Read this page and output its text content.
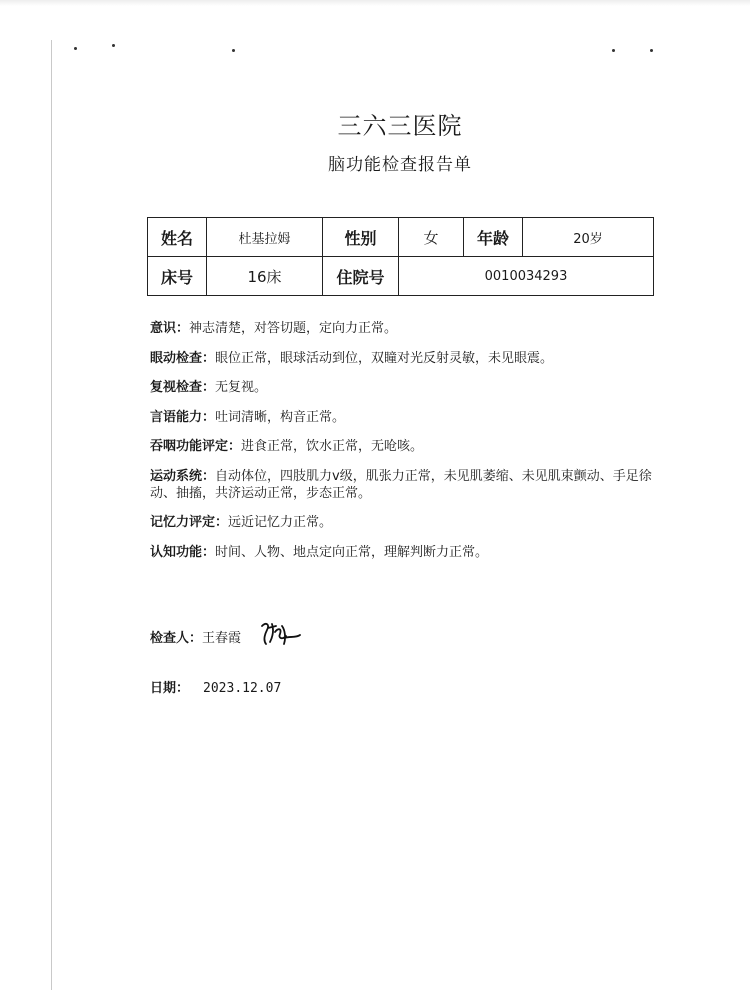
三六三医院
脑功能检查报告单
姓名	杜基拉姆	性别	女	年龄	20岁
床号	16床	住院号	0010034293		
意识：神志清楚，对答切题，定向力正常。
眼动检查：眼位正常，眼球活动到位，双瞳对光反射灵敏，未见眼震。
复视检查：无复视。
言语能力：吐词清晰，构音正常。
吞咽功能评定：进食正常，饮水正常，无呛咳。
运动系统：自动体位，四肢肌力v级，肌张力正常，未见肌萎缩、未见肌束颤动、手足徐动、抽搐，共济运动正常，步态正常。
记忆力评定：远近记忆力正常。
认知功能：时间、人物、地点定向正常，理解判断力正常。
检查人：王春霞
日期： 2023.12.07
